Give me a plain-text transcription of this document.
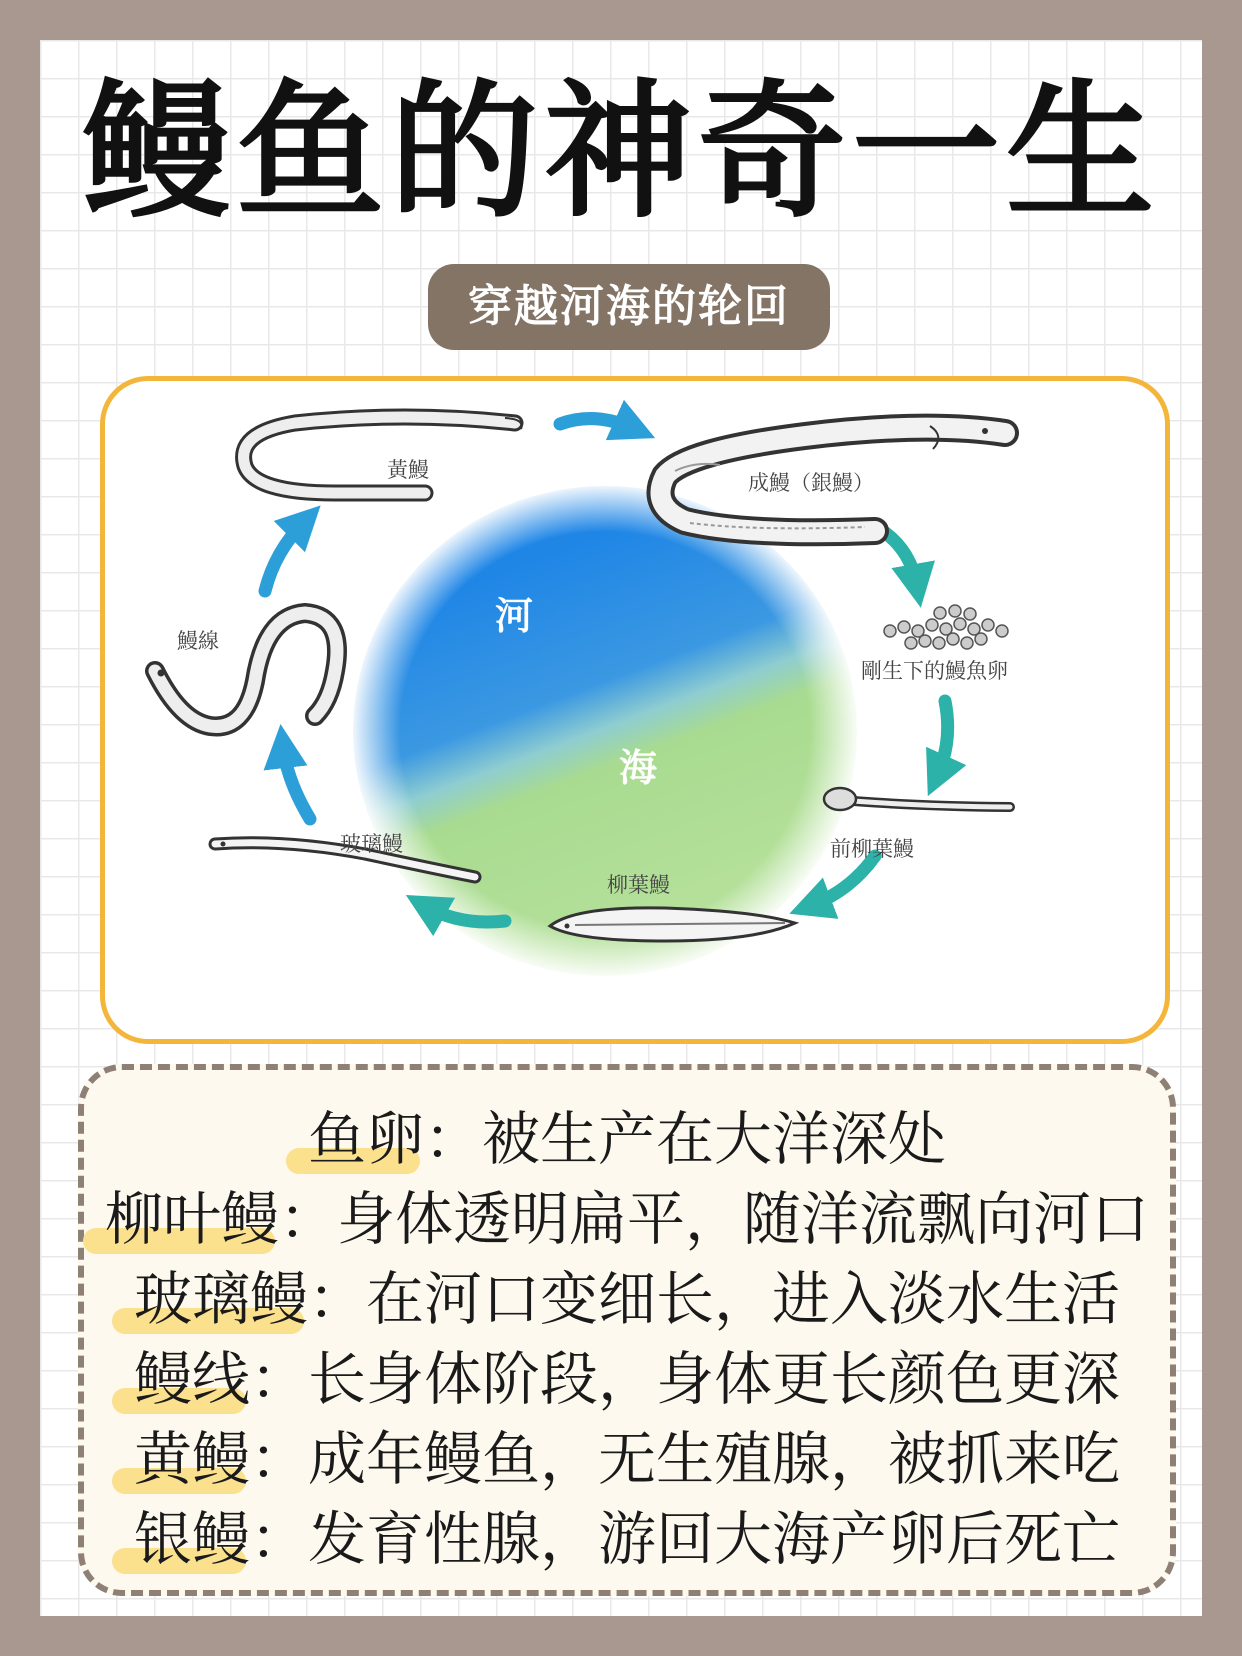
鳗鱼的神奇一生
穿越河海的轮回
河
海
黃鰻
成鰻（銀鰻）
剛生下的鰻魚卵
前柳葉鰻
柳葉鰻
玻璃鰻
鰻線
鱼卵：被生产在大洋深处
柳叶鳗：身体透明扁平，随洋流飘向河口
玻璃鳗：在河口变细长，进入淡水生活
鳗线：长身体阶段，身体更长颜色更深
黄鳗：成年鳗鱼，无生殖腺，被抓来吃
银鳗：发育性腺，游回大海产卵后死亡
